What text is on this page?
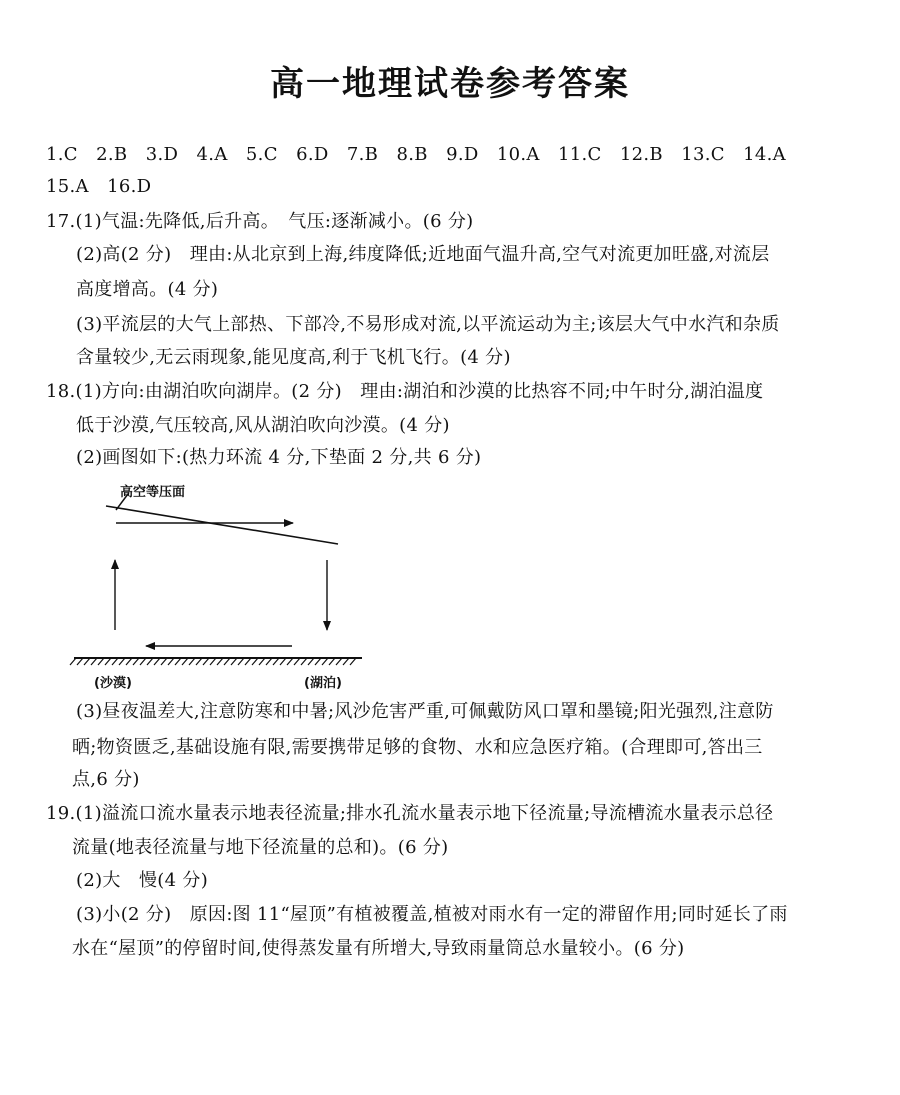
高一地理试卷参考答案
1.C　2.B　3.D　4.A　5.C　6.D　7.B　8.B　9.D　10.A　11.C　12.B　13.C　14.A
15.A　16.D
17.(1)气温:先降低,后升高。　气压:逐渐减小。(6 分)
(2)高(2 分)　理由:从北京到上海,纬度降低;近地面气温升高,空气对流更加旺盛,对流层
高度增高。(4 分)
(3)平流层的大气上部热、下部冷,不易形成对流,以平流运动为主;该层大气中水汽和杂质
含量较少,无云雨现象,能见度高,利于飞机飞行。(4 分)
18.(1)方向:由湖泊吹向湖岸。(2 分)　理由:湖泊和沙漠的比热容不同;中午时分,湖泊温度
低于沙漠,气压较高,风从湖泊吹向沙漠。(4 分)
(2)画图如下:(热力环流 4 分,下垫面 2 分,共 6 分)
高空等压面
(沙漠)	(湖泊)
(3)昼夜温差大,注意防寒和中暑;风沙危害严重,可佩戴防风口罩和墨镜;阳光强烈,注意防
晒;物资匮乏,基础设施有限,需要携带足够的食物、水和应急医疗箱。(合理即可,答出三
点,6 分)
19.(1)溢流口流水量表示地表径流量;排水孔流水量表示地下径流量;导流槽流水量表示总径
流量(地表径流量与地下径流量的总和)。(6 分)
(2)大　慢(4 分)
(3)小(2 分)　原因:图 11“屋顶”有植被覆盖,植被对雨水有一定的滞留作用;同时延长了雨
水在“屋顶”的停留时间,使得蒸发量有所增大,导致雨量筒总水量较小。(6 分)
